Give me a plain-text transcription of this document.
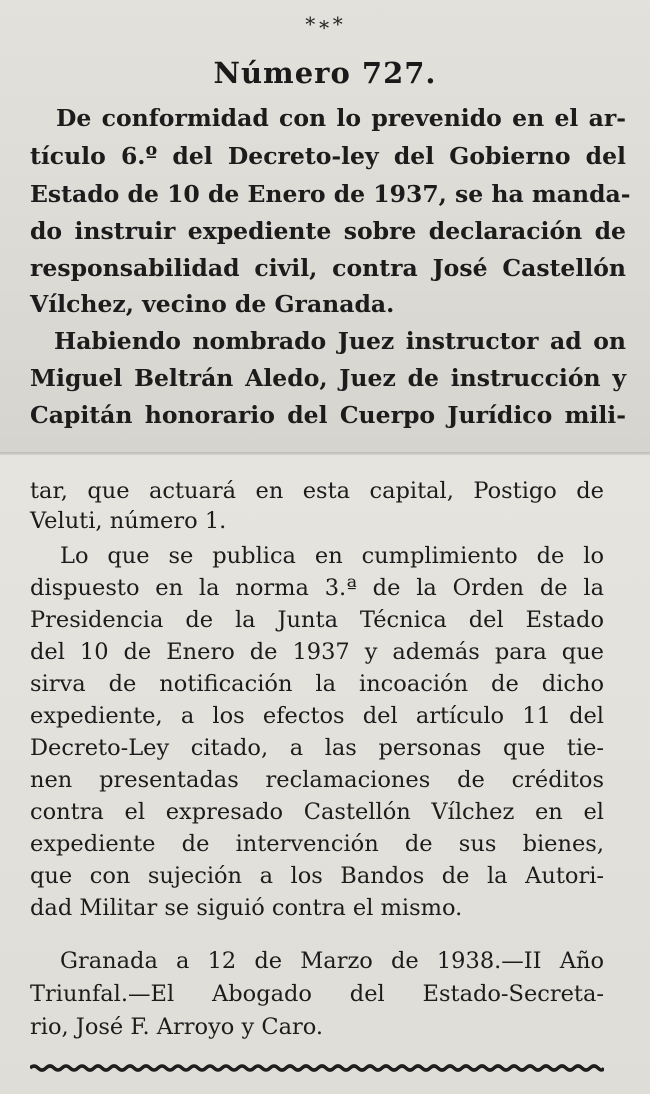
*∗*
Número 727.
De conformidad con lo prevenido en el ar-
tículo 6.º del Decreto-ley del Gobierno del
Estado de 10 de Enero de 1937, se ha manda-
do instruir expediente sobre declaración de
responsabilidad civil, contra José Castellón
Vílchez, vecino de Granada.
Habiendo nombrado Juez instructor ad on
Miguel Beltrán Aledo, Juez de instrucción y
Capitán honorario del Cuerpo Jurídico mili-
tar, que actuará en esta capital, Postigo de
Veluti, número 1.
Lo que se publica en cumplimiento de lo
dispuesto en la norma 3.ª de la Orden de la
Presidencia de la Junta Técnica del Estado
del 10 de Enero de 1937 y además para que
sirva de notificación la incoación de dicho
expediente, a los efectos del artículo 11 del
Decreto-Ley citado, a las personas que tie-
nen presentadas reclamaciones de créditos
contra el expresado Castellón Vílchez en el
expediente de intervención de sus bienes,
que con sujeción a los Bandos de la Autori-
dad Militar se siguió contra el mismo.
Granada a 12 de Marzo de 1938.—II Año
Triunfal.—El Abogado del Estado-Secreta-
rio, José F. Arroyo y Caro.
